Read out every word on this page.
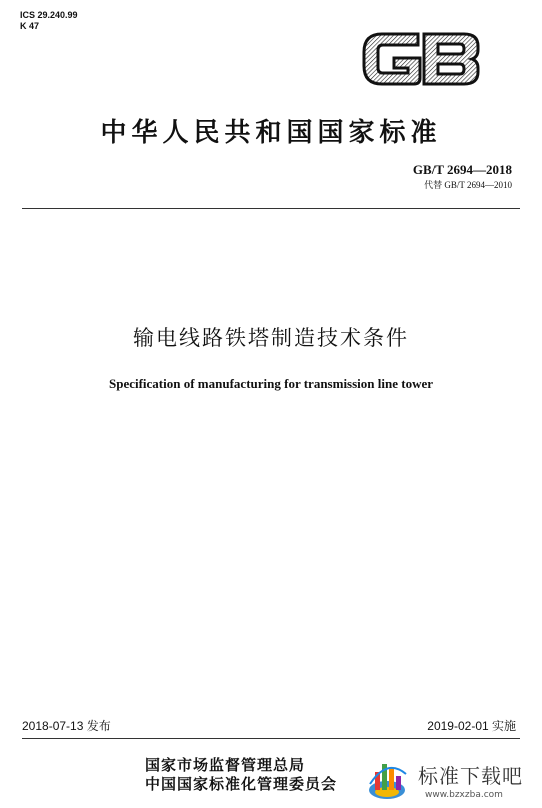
ICS 29.240.99
K 47
中华人民共和国国家标准
GB/T 2694—2018
代替 GB/T 2694—2010
输电线路铁塔制造技术条件
Specification of manufacturing for transmission line tower
2018-07-13 发布	2019-02-01 实施
国家市场监督管理总局
中国国家标准化管理委员会	标准下载吧
www.bzxzba.com
